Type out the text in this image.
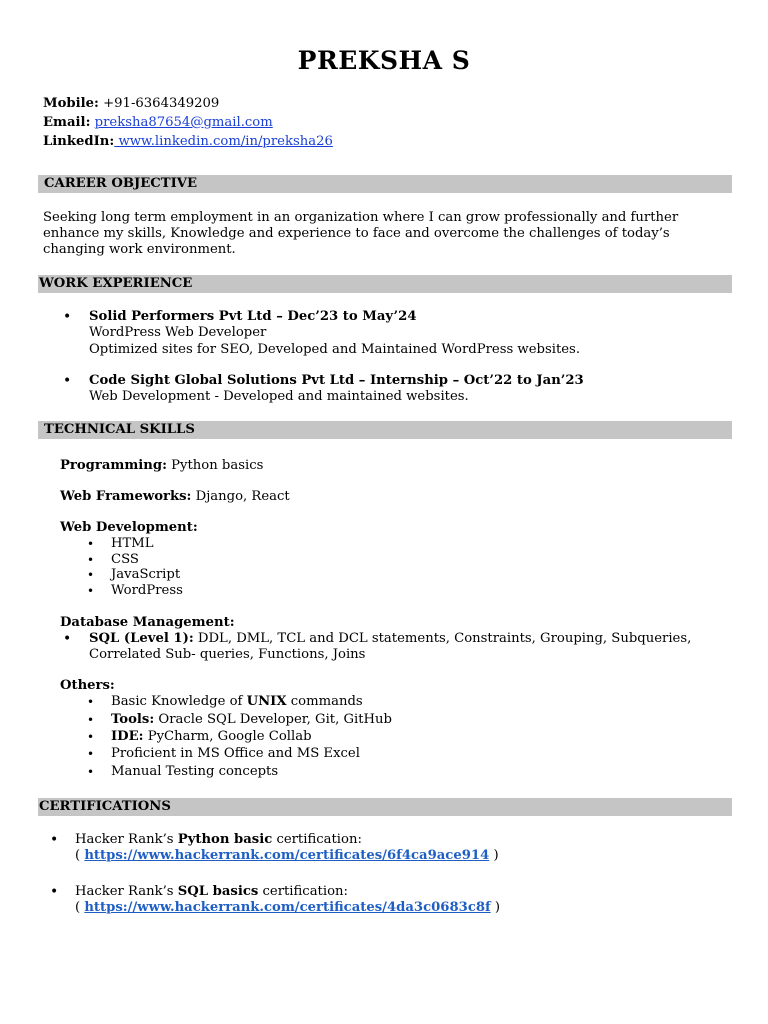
PREKSHA S
Mobile: +91-6364349209
Email: preksha87654@gmail.com
LinkedIn: www.linkedin.com/in/preksha26
CAREER OBJECTIVE
Seeking long term employment in an organization where I can grow professionally and further
enhance my skills, Knowledge and experience to face and overcome the challenges of today’s
changing work environment.
WORK EXPERIENCE
• Solid Performers Pvt Ltd – Dec’23 to May’24
WordPress Web Developer
Optimized sites for SEO, Developed and Maintained WordPress websites.
• Code Sight Global Solutions Pvt Ltd – Internship – Oct’22 to Jan’23
Web Development - Developed and maintained websites.
TECHNICAL SKILLS
Programming: Python basics
Web Frameworks: Django, React
Web Development:
• HTML
• CSS
• JavaScript
• WordPress
Database Management:
• SQL (Level 1): DDL, DML, TCL and DCL statements, Constraints, Grouping, Subqueries,
Correlated Sub- queries, Functions, Joins
Others:
• Basic Knowledge of UNIX commands
• Tools: Oracle SQL Developer, Git, GitHub
• IDE: PyCharm, Google Collab
• Proficient in MS Office and MS Excel
• Manual Testing concepts
CERTIFICATIONS
• Hacker Rank’s Python basic certification:
( https://www.hackerrank.com/certificates/6f4ca9ace914 )
• Hacker Rank’s SQL basics certification:
( https://www.hackerrank.com/certificates/4da3c0683c8f )
